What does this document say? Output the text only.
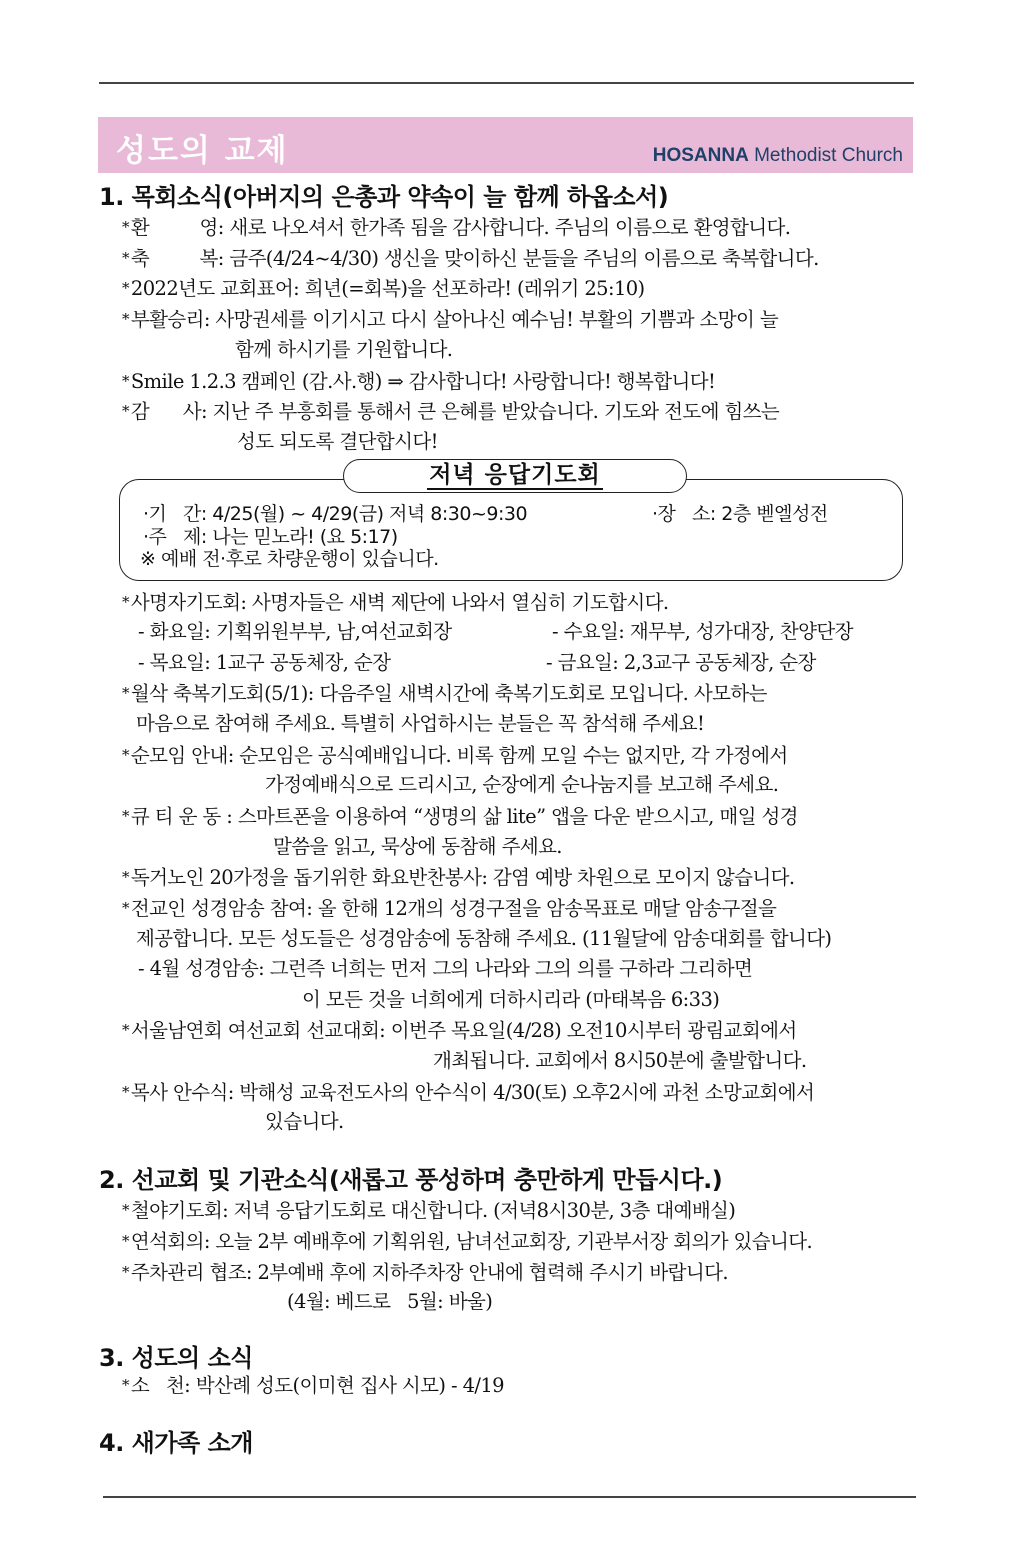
성도의 교제	HOSANNA Methodist Church
1. 목회소식(아버지의 은총과 약속이 늘 함께 하옵소서)
* 환         영: 새로 나오셔서 한가족 됨을 감사합니다. 주님의 이름으로 환영합니다.
* 축         복: 금주(4/24~4/30) 생신을 맞이하신 분들을 주님의 이름으로 축복합니다.
* 2022년도 교회표어: 희년(=회복)을 선포하라! (레위기 25:10)
* 부활승리: 사망권세를 이기시고 다시 살아나신 예수님! 부활의 기쁨과 소망이 늘
함께 하시기를 기원합니다.
* Smile 1.2.3 캠페인 (감.사.행) ⇒ 감사합니다! 사랑합니다! 행복합니다!
* 감      사: 지난 주 부흥회를 통해서 큰 은혜를 받았습니다. 기도와 전도에 힘쓰는
성도 되도록 결단합시다!
저녁 응답기도회
·기   간: 4/25(월) ~ 4/29(금) 저녁 8:30~9:30	·장   소: 2층 벧엘성전
·주   제: 나는 믿노라! (요 5:17)
※ 예배 전·후로 차량운행이 있습니다.
* 사명자기도회: 사명자들은 새벽 제단에 나와서 열심히 기도합시다.
- 화요일: 기획위원부부, 남,여선교회장	- 수요일: 재무부, 성가대장, 찬양단장
- 목요일: 1교구 공동체장, 순장	- 금요일: 2,3교구 공동체장, 순장
* 월삭 축복기도회(5/1): 다음주일 새벽시간에 축복기도회로 모입니다. 사모하는
마음으로 참여해 주세요. 특별히 사업하시는 분들은 꼭 참석해 주세요!
* 순모임 안내: 순모임은 공식예배입니다. 비록 함께 모일 수는 없지만, 각 가정에서
가정예배식으로 드리시고, 순장에게 순나눔지를 보고해 주세요.
* 큐 티 운 동 : 스마트폰을 이용하여 “생명의 삶 lite” 앱을 다운 받으시고, 매일 성경
말씀을 읽고, 묵상에 동참해 주세요.
* 독거노인 20가정을 돕기위한 화요반찬봉사: 감염 예방 차원으로 모이지 않습니다.
* 전교인 성경암송 참여: 올 한해 12개의 성경구절을 암송목표로 매달 암송구절을
제공합니다. 모든 성도들은 성경암송에 동참해 주세요. (11월달에 암송대회를 합니다)
- 4월 성경암송: 그런즉 너희는 먼저 그의 나라와 그의 의를 구하라 그리하면
이 모든 것을 너희에게 더하시리라 (마태복음 6:33)
* 서울남연회 여선교회 선교대회: 이번주 목요일(4/28) 오전10시부터 광림교회에서
개최됩니다. 교회에서 8시50분에 출발합니다.
* 목사 안수식: 박해성 교육전도사의 안수식이 4/30(토) 오후2시에 과천 소망교회에서
있습니다.
2. 선교회 및 기관소식(새롭고 풍성하며 충만하게 만듭시다.)
* 철야기도회: 저녁 응답기도회로 대신합니다. (저녁8시30분, 3층 대예배실)
* 연석회의: 오늘 2부 예배후에 기획위원, 남녀선교회장, 기관부서장 회의가 있습니다.
* 주차관리 협조: 2부예배 후에 지하주차장 안내에 협력해 주시기 바랍니다.
(4월: 베드로   5월: 바울)
3. 성도의 소식
* 소   천: 박산례 성도(이미현 집사 시모) - 4/19
4. 새가족 소개
